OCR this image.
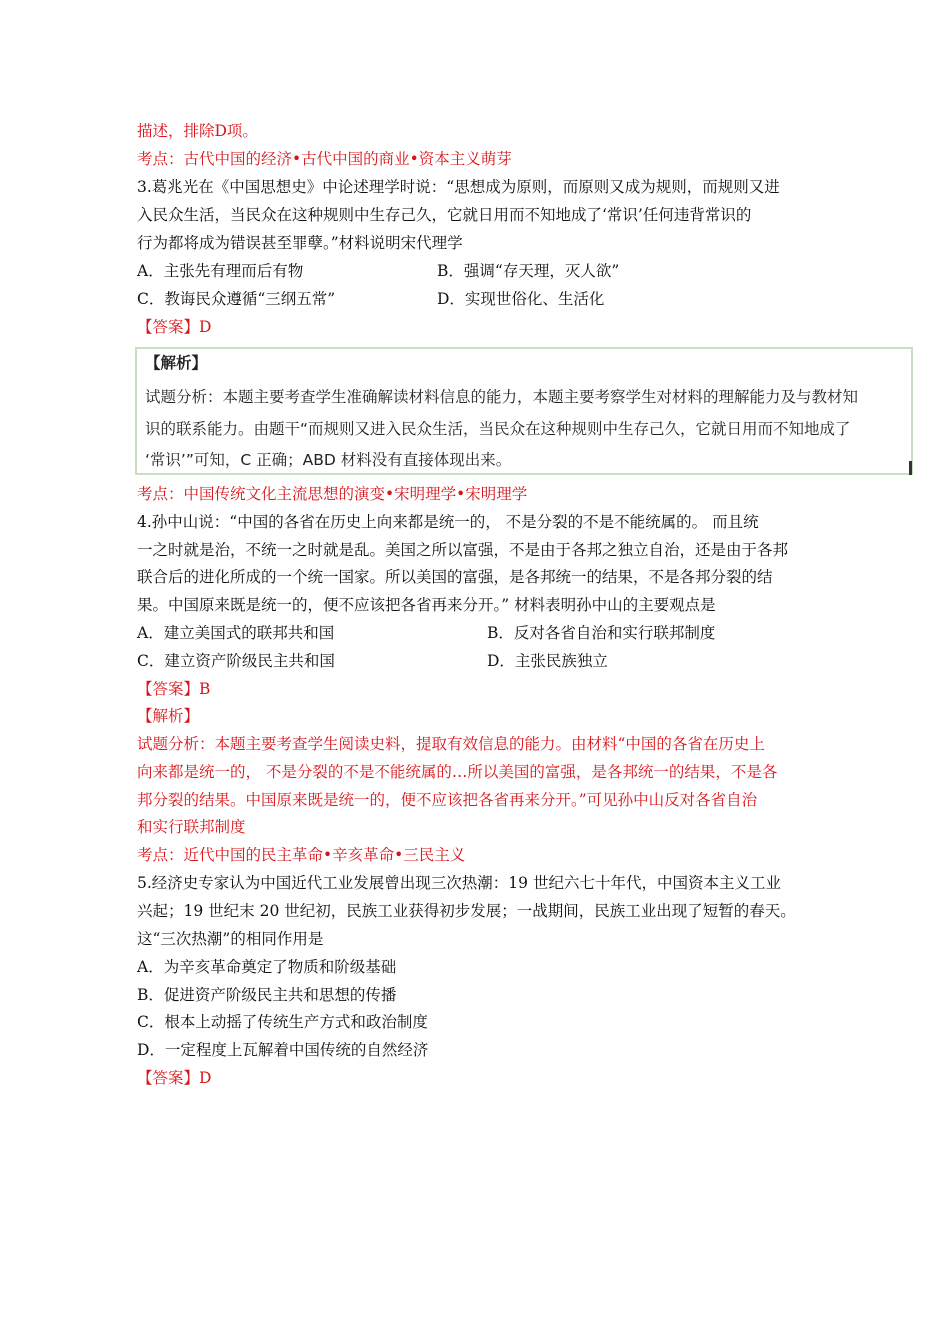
描述，排除D项。
考点：古代中国的经济•古代中国的商业•资本主义萌芽
3.葛兆光在《中国思想史》中论述理学时说：“思想成为原则，而原则又成为规则，而规则又进
入民众生活，当民众在这种规则中生存己久，它就日用而不知地成了‘常识’任何违背常识的
行为都将成为错误甚至罪孽。”材料说明宋代理学
A．主张先有理而后有物	B．强调“存天理，灭人欲”
C．教诲民众遵循“三纲五常”	D．实现世俗化、生活化
【答案】D
【解析】
试题分析：本题主要考查学生准确解读材料信息的能力，本题主要考察学生对材料的理解能力及与教材知
识的联系能力。由题干“而规则又进入民众生活，当民众在这种规则中生存己久，它就日用而不知地成了
‘常识’”可知，C 正确；ABD 材料没有直接体现出来。
考点：中国传统文化主流思想的演变•宋明理学•宋明理学
4.孙中山说：“中国的各省在历史上向来都是统一的， 不是分裂的不是不能统属的。 而且统
一之时就是治，不统一之时就是乱。美国之所以富强，不是由于各邦之独立自治，还是由于各邦
联合后的进化所成的一个统一国家。所以美国的富强，是各邦统一的结果，不是各邦分裂的结
果。中国原来既是统一的，便不应该把各省再来分开。” 材料表明孙中山的主要观点是
A．建立美国式的联邦共和国	B．反对各省自治和实行联邦制度
C．建立资产阶级民主共和国	D．主张民族独立
【答案】B
【解析】
试题分析：本题主要考查学生阅读史料，提取有效信息的能力。由材料“中国的各省在历史上
向来都是统一的， 不是分裂的不是不能统属的…所以美国的富强，是各邦统一的结果，不是各
邦分裂的结果。中国原来既是统一的，便不应该把各省再来分开。”可见孙中山反对各省自治
和实行联邦制度
考点：近代中国的民主革命•辛亥革命•三民主义
5.经济史专家认为中国近代工业发展曾出现三次热潮：19 世纪六七十年代，中国资本主义工业
兴起；19 世纪末 20 世纪初，民族工业获得初步发展；一战期间，民族工业出现了短暂的春天。
这“三次热潮”的相同作用是
A．为辛亥革命奠定了物质和阶级基础
B．促进资产阶级民主共和思想的传播
C．根本上动摇了传统生产方式和政治制度
D．一定程度上瓦解着中国传统的自然经济
【答案】D
